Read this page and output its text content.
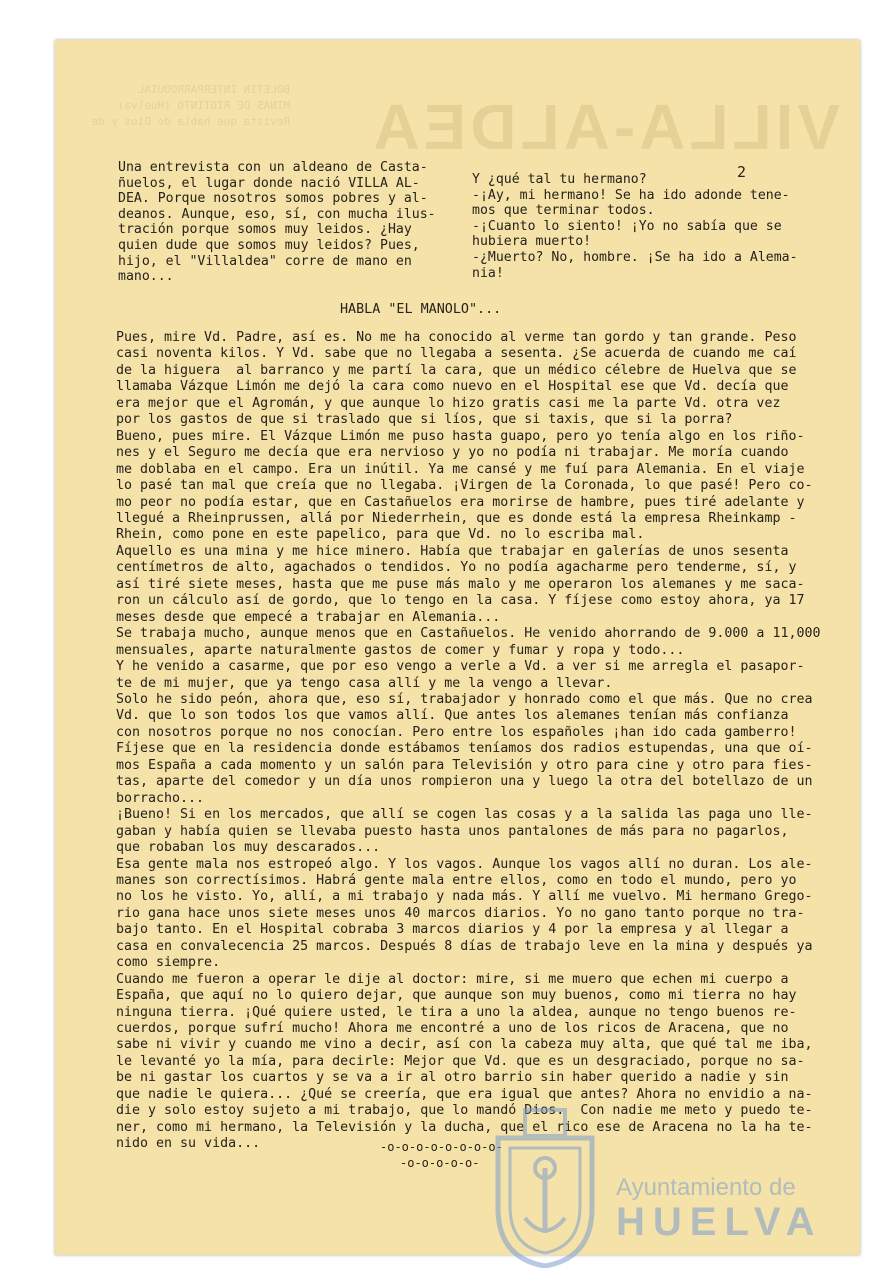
VILLA-ALDEA
BOLETIN INTERPARROQUIAL
MINAS DE RIOTINTO (Huelva)
Revista que habla de Dios y de
2
Una entrevista con un aldeano de Casta-
ñuelos, el lugar donde nació VILLA AL-
DEA. Porque nosotros somos pobres y al-
deanos. Aunque, eso, sí, con mucha ilus-
tración porque somos muy leidos. ¿Hay
quien dude que somos muy leidos? Pues,
hijo, el "Villaldea" corre de mano en
mano...
Y ¿qué tal tu hermano?
-¡Ay, mi hermano! Se ha ido adonde tene-
mos que terminar todos.
-¡Cuanto lo siento! ¡Yo no sabía que se
hubiera muerto!
-¿Muerto? No, hombre. ¡Se ha ido a Alema-
nia!
HABLA "EL MANOLO"...
Pues, mire Vd. Padre, así es. No me ha conocido al verme tan gordo y tan grande. Peso
casi noventa kilos. Y Vd. sabe que no llegaba a sesenta. ¿Se acuerda de cuando me caí
de la higuera  al barranco y me partí la cara, que un médico célebre de Huelva que se
llamaba Vázque Limón me dejó la cara como nuevo en el Hospital ese que Vd. decía que
era mejor que el Agromán, y que aunque lo hizo gratis casi me la parte Vd. otra vez
por los gastos de que si traslado que si líos, que si taxis, que si la porra?
Bueno, pues mire. El Vázque Limón me puso hasta guapo, pero yo tenía algo en los riño-
nes y el Seguro me decía que era nervioso y yo no podía ni trabajar. Me moría cuando
me doblaba en el campo. Era un inútil. Ya me cansé y me fuí para Alemania. En el viaje
lo pasé tan mal que creía que no llegaba. ¡Virgen de la Coronada, lo que pasé! Pero co-
mo peor no podía estar, que en Castañuelos era morirse de hambre, pues tiré adelante y
llegué a Rheinprussen, allá por Niederrhein, que es donde está la empresa Rheinkamp -
Rhein, como pone en este papelico, para que Vd. no lo escriba mal.
Aquello es una mina y me hice minero. Había que trabajar en galerías de unos sesenta
centímetros de alto, agachados o tendidos. Yo no podía agacharme pero tenderme, sí, y
así tiré siete meses, hasta que me puse más malo y me operaron los alemanes y me saca-
ron un cálculo así de gordo, que lo tengo en la casa. Y fíjese como estoy ahora, ya 17
meses desde que empecé a trabajar en Alemania...
Se trabaja mucho, aunque menos que en Castañuelos. He venido ahorrando de 9.000 a 11,000
mensuales, aparte naturalmente gastos de comer y fumar y ropa y todo...
Y he venido a casarme, que por eso vengo a verle a Vd. a ver si me arregla el pasapor-
te de mi mujer, que ya tengo casa allí y me la vengo a llevar.
Solo he sido peón, ahora que, eso sí, trabajador y honrado como el que más. Que no crea
Vd. que lo son todos los que vamos allí. Que antes los alemanes tenían más confianza
con nosotros porque no nos conocían. Pero entre los españoles ¡han ido cada gamberro!
Fíjese que en la residencia donde estábamos teníamos dos radios estupendas, una que oí-
mos España a cada momento y un salón para Televisión y otro para cine y otro para fies-
tas, aparte del comedor y un día unos rompieron una y luego la otra del botellazo de un
borracho...
¡Bueno! Si en los mercados, que allí se cogen las cosas y a la salida las paga uno lle-
gaban y había quien se llevaba puesto hasta unos pantalones de más para no pagarlos,
que robaban los muy descarados...
Esa gente mala nos estropeó algo. Y los vagos. Aunque los vagos allí no duran. Los ale-
manes son correctísimos. Habrá gente mala entre ellos, como en todo el mundo, pero yo
no los he visto. Yo, allí, a mi trabajo y nada más. Y allí me vuelvo. Mi hermano Grego-
rio gana hace unos siete meses unos 40 marcos diarios. Yo no gano tanto porque no tra-
bajo tanto. En el Hospital cobraba 3 marcos diarios y 4 por la empresa y al llegar a
casa en convalecencia 25 marcos. Después 8 días de trabajo leve en la mina y después ya
como siempre.
Cuando me fueron a operar le dije al doctor: mire, si me muero que echen mi cuerpo a
España, que aquí no lo quiero dejar, que aunque son muy buenos, como mi tierra no hay
ninguna tierra. ¡Qué quiere usted, le tira a uno la aldea, aunque no tengo buenos re-
cuerdos, porque sufrí mucho! Ahora me encontré a uno de los ricos de Aracena, que no
sabe ni vivir y cuando me vino a decir, así con la cabeza muy alta, que qué tal me iba,
le levanté yo la mía, para decirle: Mejor que Vd. que es un desgraciado, porque no sa-
be ni gastar los cuartos y se va a ir al otro barrio sin haber querido a nadie y sin
que nadie le quiera... ¿Qué se creería, que era igual que antes? Ahora no envidio a na-
die y solo estoy sujeto a mi trabajo, que lo mandó Dios.  Con nadie me meto y puedo te-
ner, como mi hermano, la Televisión y la ducha, que el rico ese de Aracena no la ha te-
nido en su vida...	-o-o-o-o-o-o-o-o-
-o-o-o-o-o-
Ayuntamiento de
HUELVA
